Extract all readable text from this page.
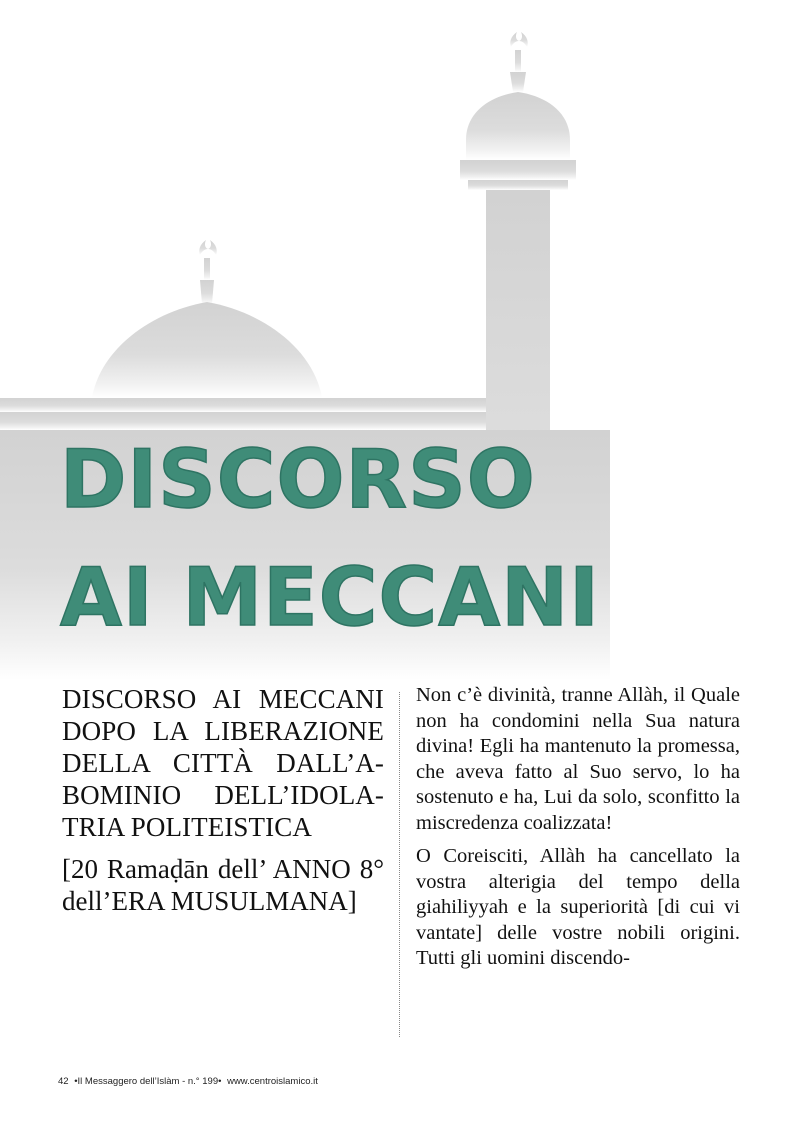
DISCORSO
AI MECCANI

DISCORSO AI MECCANI DOPO LA LIBERAZIONE DELLA CITTÀ DALL’A-BOMINIO DELL’IDOLA-TRIA POLITEISTICA

[20 Ramaḍān dell’ ANNO 8° dell’ERA MUSULMANA]

Non c’è divinità, tranne Allàh, il Quale non ha condomini nella Sua natura divina! Egli ha mantenuto la promessa, che aveva fatto al Suo servo, lo ha sostenuto e ha, Lui da solo, sconfitto la miscredenza coalizzata!

O Coreisciti, Allàh ha cancellato la vostra alterigia del tempo della giahiliyyah e la superiorità [di cui vi vantate] delle vostre nobili origini. Tutti gli uomini discendo-

42 •Il Messaggero dell’Islàm - n.° 199• www.centroislamico.it
